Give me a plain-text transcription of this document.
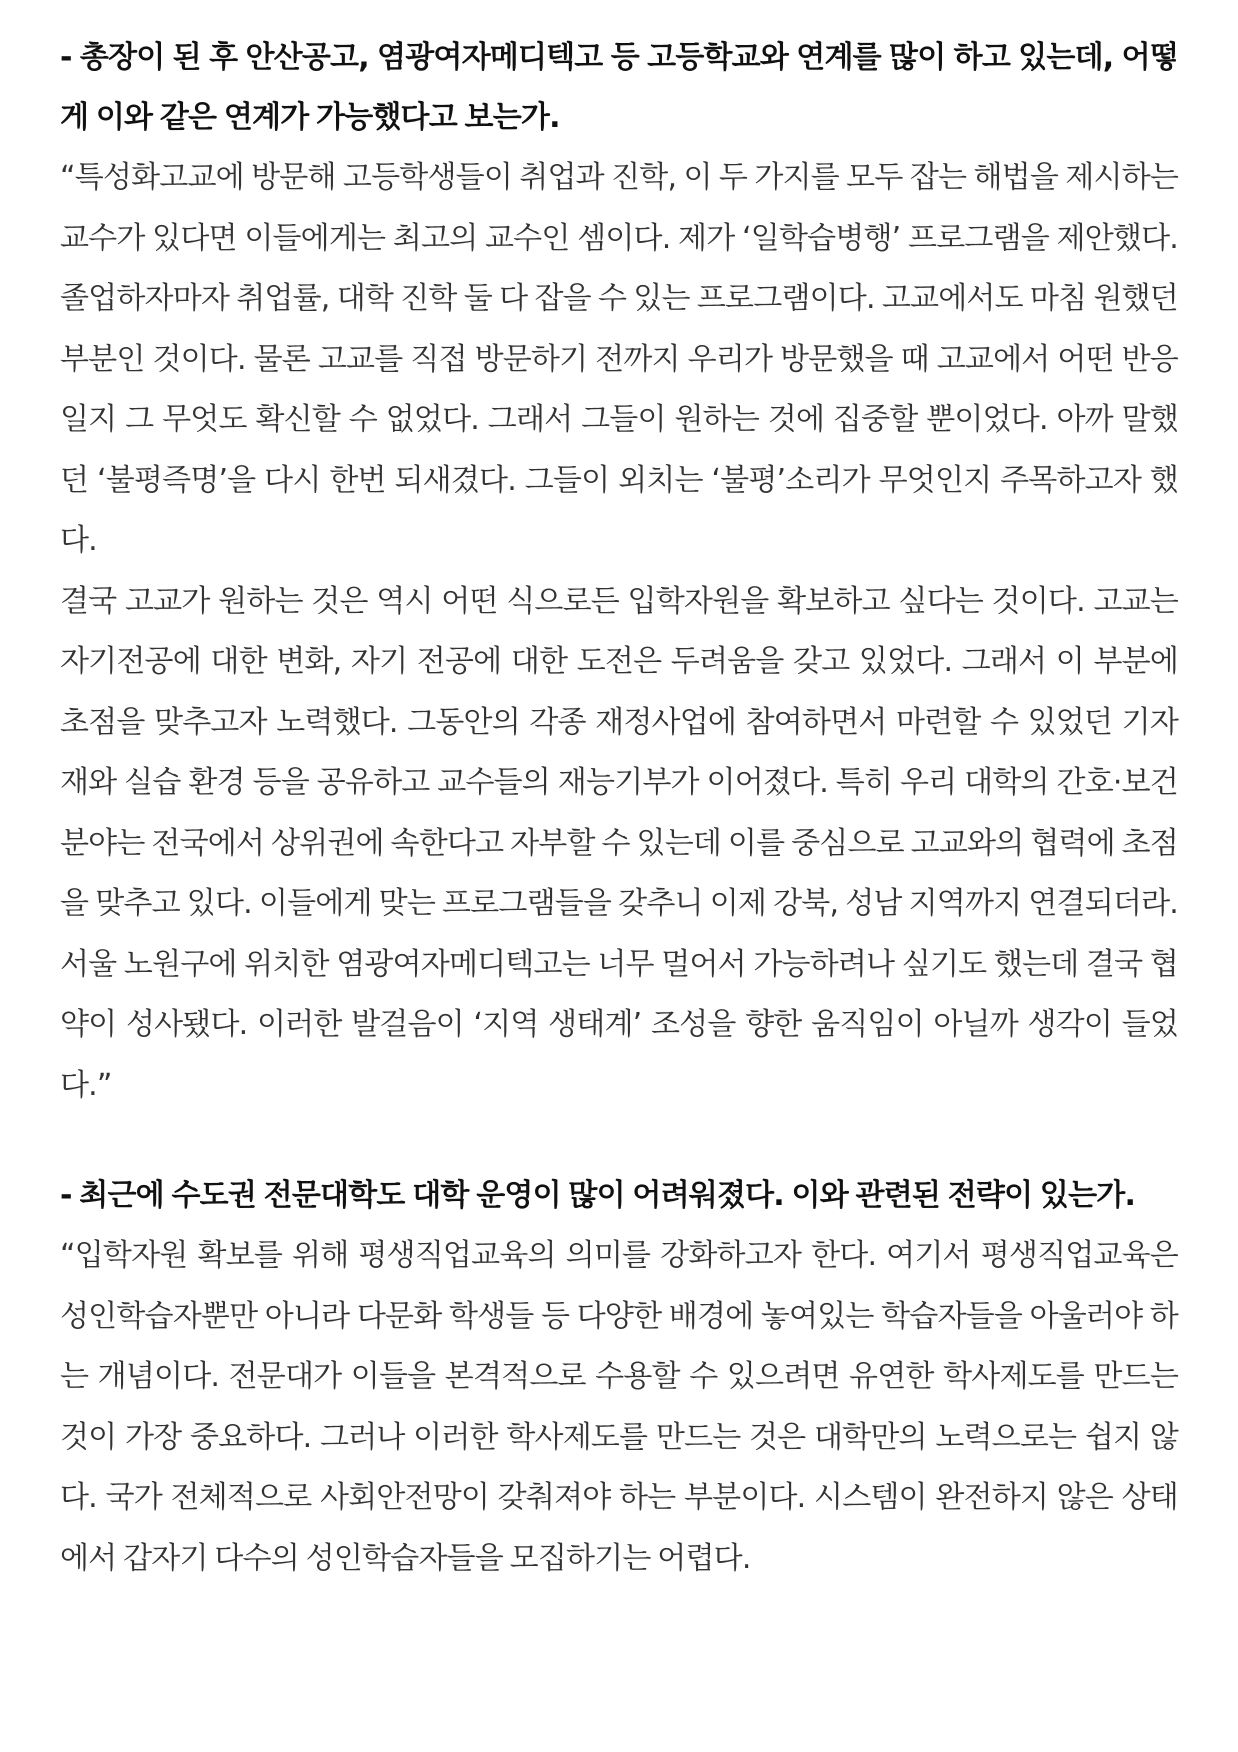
- 총장이 된 후 안산공고, 염광여자메디텍고 등 고등학교와 연계를 많이 하고 있는데, 어떻게 이와 같은 연계가 가능했다고 보는가.

“특성화고교에 방문해 고등학생들이 취업과 진학, 이 두 가지를 모두 잡는 해법을 제시하는 교수가 있다면 이들에게는 최고의 교수인 셈이다. 제가 ‘일학습병행’ 프로그램을 제안했다. 졸업하자마자 취업률, 대학 진학 둘 다 잡을 수 있는 프로그램이다. 고교에서도 마침 원했던 부분인 것이다. 물론 고교를 직접 방문하기 전까지 우리가 방문했을 때 고교에서 어떤 반응일지 그 무엇도 확신할 수 없었다. 그래서 그들이 원하는 것에 집중할 뿐이었다. 아까 말했던 ‘불평즉명’을 다시 한번 되새겼다. 그들이 외치는 ‘불평’소리가 무엇인지 주목하고자 했다.

결국 고교가 원하는 것은 역시 어떤 식으로든 입학자원을 확보하고 싶다는 것이다. 고교는 자기전공에 대한 변화, 자기 전공에 대한 도전은 두려움을 갖고 있었다. 그래서 이 부분에 초점을 맞추고자 노력했다. 그동안의 각종 재정사업에 참여하면서 마련할 수 있었던 기자재와 실습 환경 등을 공유하고 교수들의 재능기부가 이어졌다. 특히 우리 대학의 간호·보건 분야는 전국에서 상위권에 속한다고 자부할 수 있는데 이를 중심으로 고교와의 협력에 초점을 맞추고 있다. 이들에게 맞는 프로그램들을 갖추니 이제 강북, 성남 지역까지 연결되더라. 서울 노원구에 위치한 염광여자메디텍고는 너무 멀어서 가능하려나 싶기도 했는데 결국 협약이 성사됐다. 이러한 발걸음이 ‘지역 생태계’ 조성을 향한 움직임이 아닐까 생각이 들었다.”

- 최근에 수도권 전문대학도 대학 운영이 많이 어려워졌다. 이와 관련된 전략이 있는가.

“입학자원 확보를 위해 평생직업교육의 의미를 강화하고자 한다. 여기서 평생직업교육은 성인학습자뿐만 아니라 다문화 학생들 등 다양한 배경에 놓여있는 학습자들을 아울러야 하는 개념이다. 전문대가 이들을 본격적으로 수용할 수 있으려면 유연한 학사제도를 만드는 것이 가장 중요하다. 그러나 이러한 학사제도를 만드는 것은 대학만의 노력으로는 쉽지 않다. 국가 전체적으로 사회안전망이 갖춰져야 하는 부분이다. 시스템이 완전하지 않은 상태에서 갑자기 다수의 성인학습자들을 모집하기는 어렵다.
